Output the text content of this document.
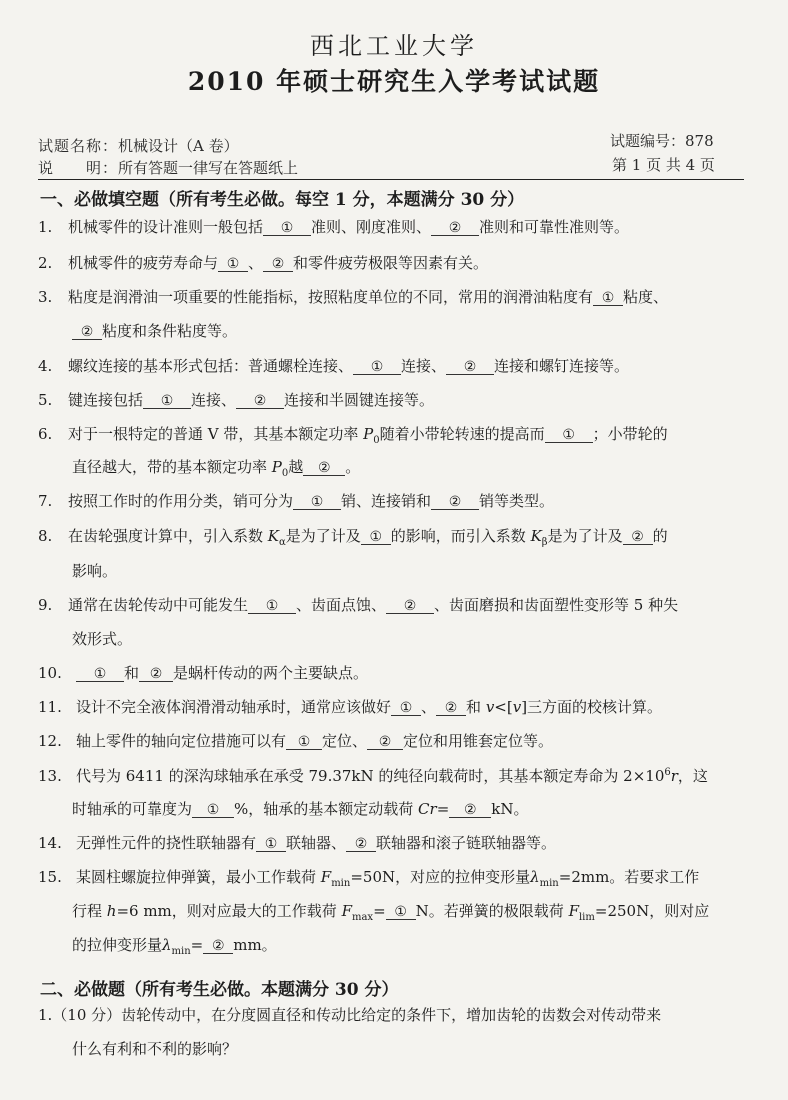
西北工业大学
2010 年硕士研究生入学考试试题
试题名称：机械设计（A 卷）	试题编号：878
说　　明：所有答题一律写在答题纸上	第 1 页 共 4 页
一、必做填空题（所有考生必做。每空 1 分，本题满分 30 分）
1. 机械零件的设计准则一般包括 ① 准则、刚度准则、 ② 准则和可靠性准则等。
2. 机械零件的疲劳寿命与 ① 、 ② 和零件疲劳极限等因素有关。
3. 粘度是润滑油一项重要的性能指标，按照粘度单位的不同，常用的润滑油粘度有 ① 粘度、
② 粘度和条件粘度等。
4. 螺纹连接的基本形式包括：普通螺栓连接、 ① 连接、 ② 连接和螺钉连接等。
5. 键连接包括 ① 连接、 ② 连接和半圆键连接等。
6. 对于一根特定的普通 V 带，其基本额定功率 $P_0$随着小带轮转速的提高而 ① ；小带轮的
直径越大，带的基本额定功率 $P_0$越 ② 。
7. 按照工作时的作用分类，销可分为 ① 销、连接销和 ② 销等类型。
8. 在齿轮强度计算中，引入系数 $K_\alpha$是为了计及 ① 的影响，而引入系数 $K_\beta$是为了计及 ② 的
影响。
9. 通常在齿轮传动中可能发生 ① 、齿面点蚀、 ② 、齿面磨损和齿面塑性变形等 5 种失
效形式。
10. ① 和 ② 是蜗杆传动的两个主要缺点。
11. 设计不完全液体润滑滑动轴承时，通常应该做好 ① 、 ② 和 v<[v]三方面的校核计算。
12. 轴上零件的轴向定位措施可以有 ① 定位、 ② 定位和用锥套定位等。
13. 代号为 6411 的深沟球轴承在承受 79.37kN 的纯径向载荷时，其基本额定寿命为 $2\times 10^6r$，这
时轴承的可靠度为 ① %，轴承的基本额定动载荷 Cr= ② kN。
14. 无弹性元件的挠性联轴器有 ① 联轴器、 ② 联轴器和滚子链联轴器等。
15. 某圆柱螺旋拉伸弹簧，最小工作载荷 $F_{min}=50N$，对应的拉伸变形量$\lambda_{min}=2mm$。若要求工作
行程 h=6 mm，则对应最大的工作载荷 $F_{max}=$ ① N。若弹簧的极限载荷 $F_{lim}=250N$，则对应
的拉伸变形量$\lambda_{min}=$ ② mm。
二、必做题（所有考生必做。本题满分 30 分）
1.（10 分）齿轮传动中，在分度圆直径和传动比给定的条件下，增加齿轮的齿数会对传动带来
什么有利和不利的影响？
